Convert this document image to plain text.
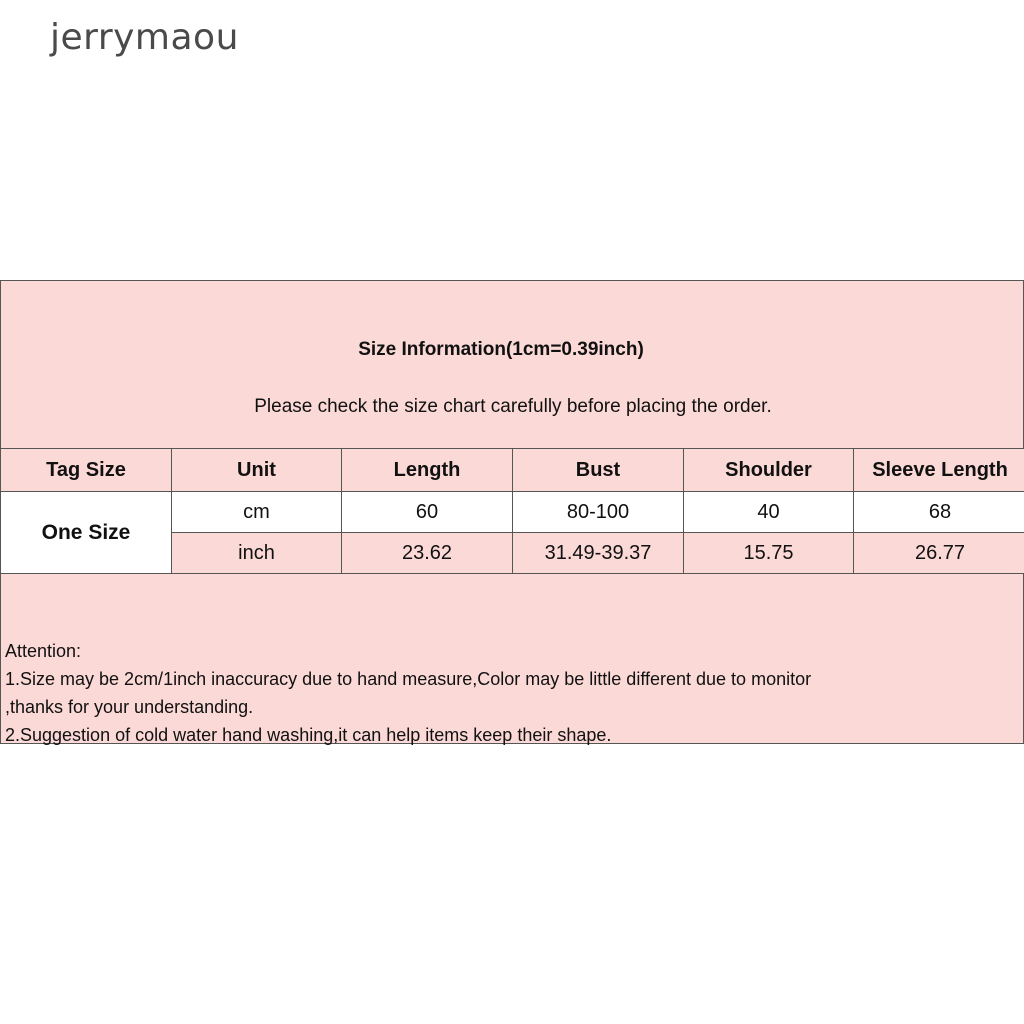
jerrymaou
Size Information(1cm=0.39inch)
Please check the size chart carefully before placing the order.
Tag Size	Unit	Length	Bust	Shoulder	Sleeve Length
One Size	cm	60	80-100	40	68
	inch	23.62	31.49-39.37	15.75	26.77
Attention:
1.Size may be 2cm/1inch inaccuracy due to hand measure,Color may be little different due to monitor
,thanks for your understanding.
2.Suggestion of cold water hand washing,it can help items keep their shape.
